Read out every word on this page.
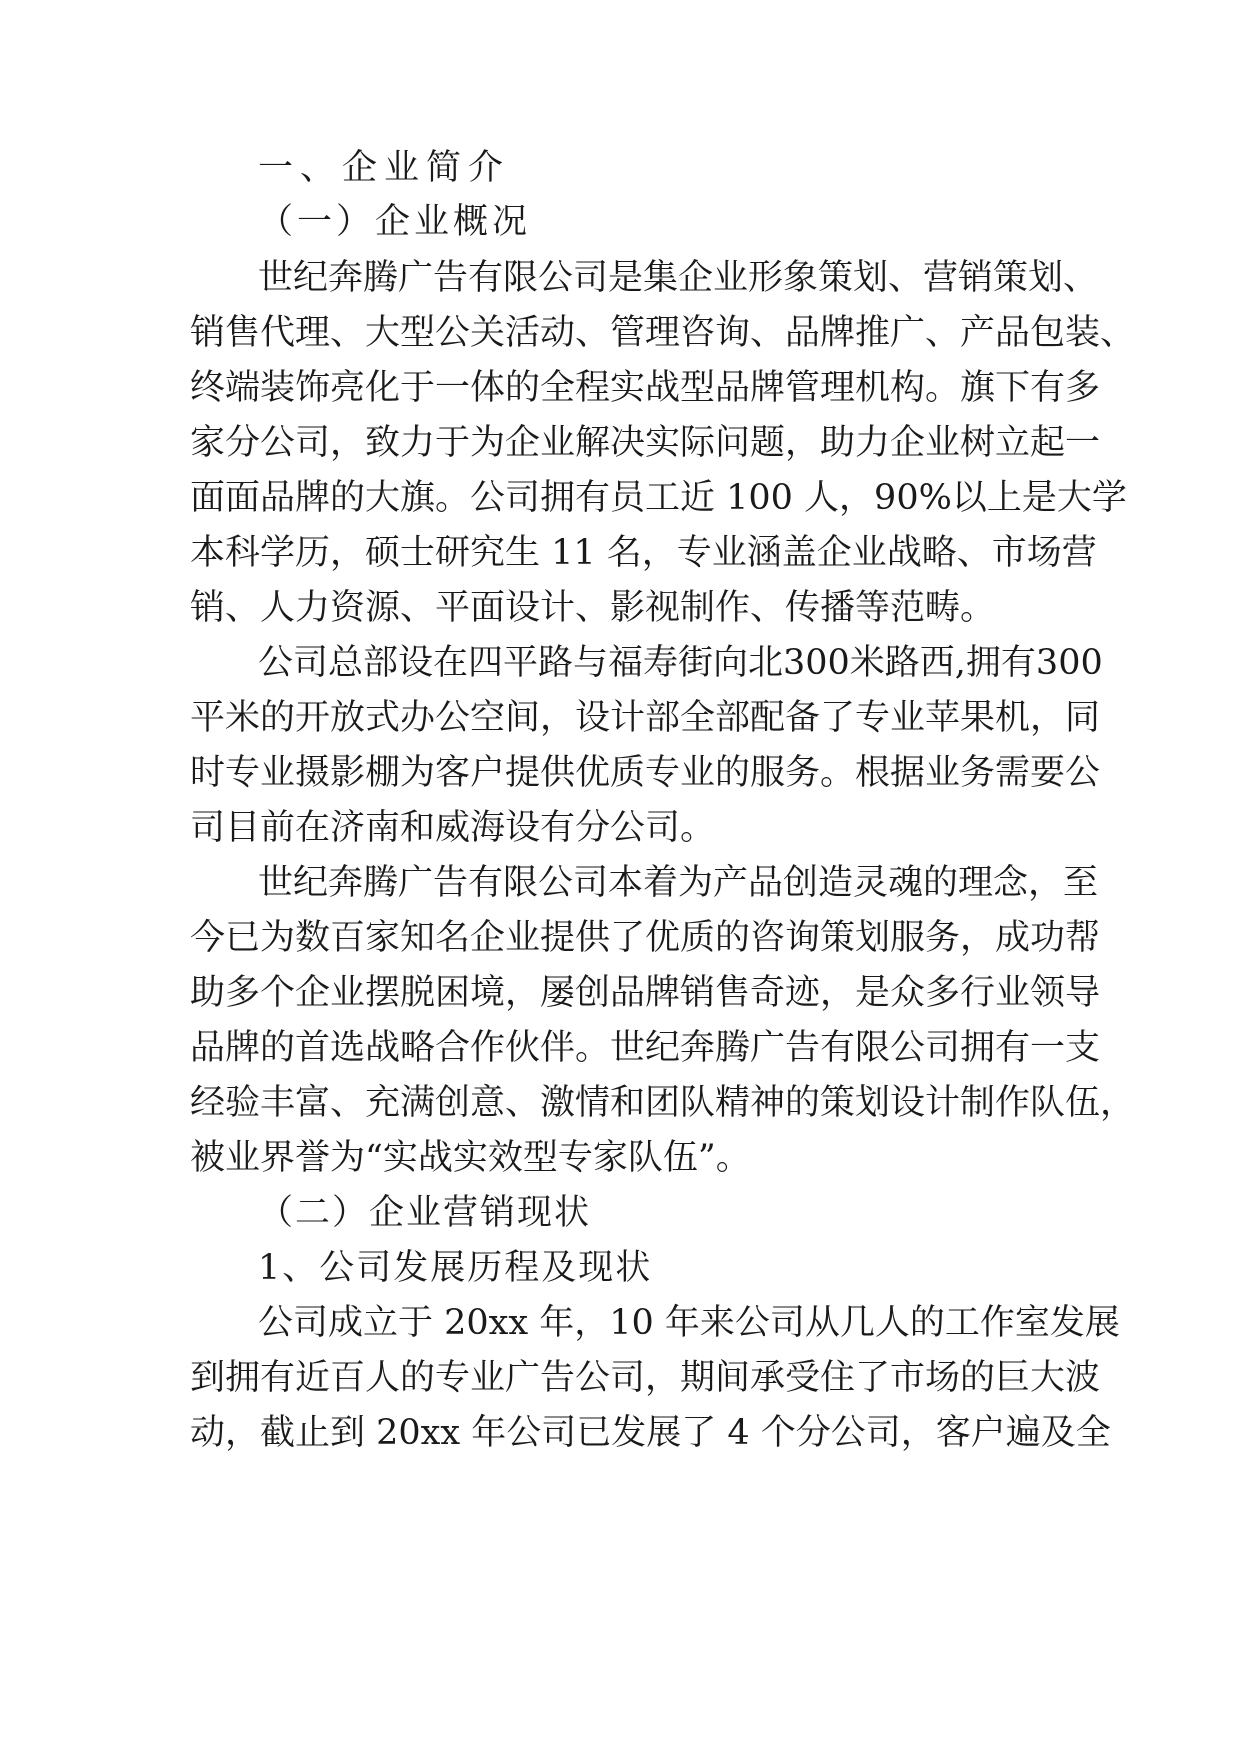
一、企业简介
（一）企业概况
世纪奔腾广告有限公司是集企业形象策划、营销策划、
销售代理、大型公关活动、管理咨询、品牌推广、产品包装、
终端装饰亮化于一体的全程实战型品牌管理机构。旗下有多
家分公司，致力于为企业解决实际问题，助力企业树立起一
面面品牌的大旗。公司拥有员工近 100 人，90%以上是大学
本科学历，硕士研究生 11 名，专业涵盖企业战略、市场营
销、人力资源、平面设计、影视制作、传播等范畴。
公司总部设在四平路与福寿街向北300米路西,拥有300
平米的开放式办公空间，设计部全部配备了专业苹果机，同
时专业摄影棚为客户提供优质专业的服务。根据业务需要公
司目前在济南和威海设有分公司。
世纪奔腾广告有限公司本着为产品创造灵魂的理念，至
今已为数百家知名企业提供了优质的咨询策划服务，成功帮
助多个企业摆脱困境，屡创品牌销售奇迹，是众多行业领导
品牌的首选战略合作伙伴。世纪奔腾广告有限公司拥有一支
经验丰富、充满创意、激情和团队精神的策划设计制作队伍，
被业界誉为“实战实效型专家队伍”。
（二）企业营销现状
1、公司发展历程及现状
公司成立于 20xx 年，10 年来公司从几人的工作室发展
到拥有近百人的专业广告公司，期间承受住了市场的巨大波
动，截止到 20xx 年公司已发展了 4 个分公司，客户遍及全
